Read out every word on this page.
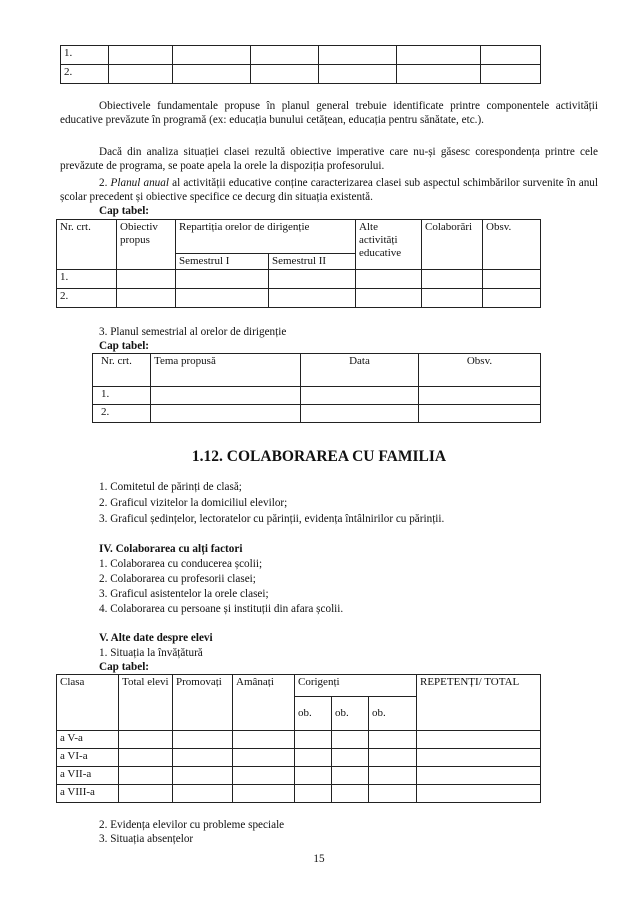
1.						
2.						

Obiectivele fundamentale propuse în planul general trebuie identificate printre componentele activității educative prevăzute în programă (ex: educația bunului cetățean, educația pentru sănătate, etc.).

Dacă din analiza situației clasei rezultă obiective imperative care nu-și găsesc corespondența printre cele prevăzute de programa, se poate apela la orele la dispoziția profesorului.

2. Planul anual al activității educative conține caracterizarea clasei sub aspectul schimbărilor survenite în anul școlar precedent și obiective specifice ce decurg din situația existentă.

Cap tabel:
Nr. crt.	Obiectiv propus	Repartiția orelor de dirigenție		Alte activități educative	Colaborări	Obsv.
		Semestrul I	Semestrul II			
1.						
2.						
3. Planul semestrial al orelor de dirigenție
Cap tabel:
Nr. crt.	Tema propusă	Data	Obsv.
1.			
2.			
1.12. COLABORAREA CU FAMILIA
1. Comitetul de părinți de clasă;
2. Graficul vizitelor la domiciliul elevilor;
3. Graficul ședințelor, lectoratelor cu părinții, evidența întâlnirilor cu părinții.
IV. Colaborarea cu alți factori
1. Colaborarea cu conducerea școlii;
2. Colaborarea cu profesorii clasei;
3. Graficul asistentelor la orele clasei;
4. Colaborarea cu persoane și instituții din afara școlii.
V. Alte date despre elevi
1. Situația la învățătură
Cap tabel:
Clasa	Total elevi	Promovați	Amânați	Corigenți			REPETENȚI/ TOTAL
				ob.	ob.	ob.	
a V-a							
a VI-a							
a VII-a							
a VIII-a							
2. Evidența elevilor cu probleme speciale
3. Situația absențelor
15
